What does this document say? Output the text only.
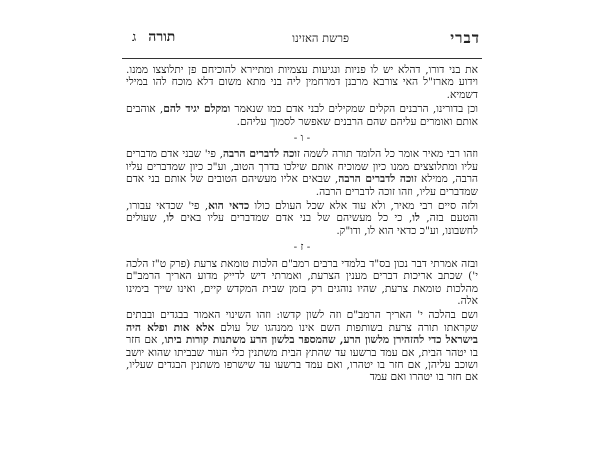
דברי
פרשת האזינו
תורהג

את בני דורו, דהלא יש לו פניות ונגיעות עצמיות ומתיירא להוכיחם פן יתלוצצו ממנו. וידוע מארז"ל האי צורבא מרבנן דמרחמין ליה בני מתא משום דלא מוכח להו במילי דשמיא.

וכן בדורינו, הרבנים הקלים שמקילים לבני אדם כמו שנאמר ומקלם יגיד להם, אוהבים אותם ואומרים עליהם שהם הרבנים שאפשר לסמוך עליהם.

- ו -

וזהו רבי מאיר אומר כל הלומד תורה לשמה זוכה לדברים הרבה, פי' שבני אדם מדברים עליו ומתלוצצים ממנו כיון שמוכיח אותם שילכו בדרך הטוב, וע"כ כיון שמדברים עליו הרבה, ממילא זוכה לדברים הרבה, שבאים אליו מעשיהם הטובים של אותם בני אדם שמדברים עליו, וזהו זוכה לדברים הרבה.

ולזה סיים רבי מאיר, ולא עוד אלא שכל העולם כולו כדאי הוא, פי' שכדאי עבורו, והטעם בזה, לו, כי כל מעשיהם של בני אדם שמדברים עליו באים לו, שעולים לחשבונו, וע"כ כדאי הוא לו, ודו"ק.

- ז -

ובזה אמרתי דבר נכון בס"ד בלמדי ברבים רמב"ם הלכות טומאת צרעת (פרק ט"ז הלכה י') שכתב אריכות דברים מענין הצרעת, ואמרתי דיש לדייק מדוע האריך הרמב"ם מהלכות טומאת צרעת, שהיו נוהגים רק בזמן שבית המקדש קיים, ואינו שייך בימינו אלה.

ושם בהלכה י' האריך הרמב"ם וזה לשון קדשו: וזהו השינוי האמור בבגדים ובבתים שקראתו תורה צרעת בשותפות השם אינו ממנהגו של עולם אלא אות ופלא היה בישראל כדי להזהירן מלשון הרע, שהמספר בלשון הרע משתנות קורות ביתו, אם חזר בו יטהר הבית, אם עמד ברשעו עד שהתץ הבית משתנין כלי העור שבביתו שהוא יושב ושוכב עליהן, אם חזר בו יטהרו, ואם עמד ברשעו עד שישרפו משתנין הבגדים שעליו, אם חזר בו יטהרו ואם עמד
